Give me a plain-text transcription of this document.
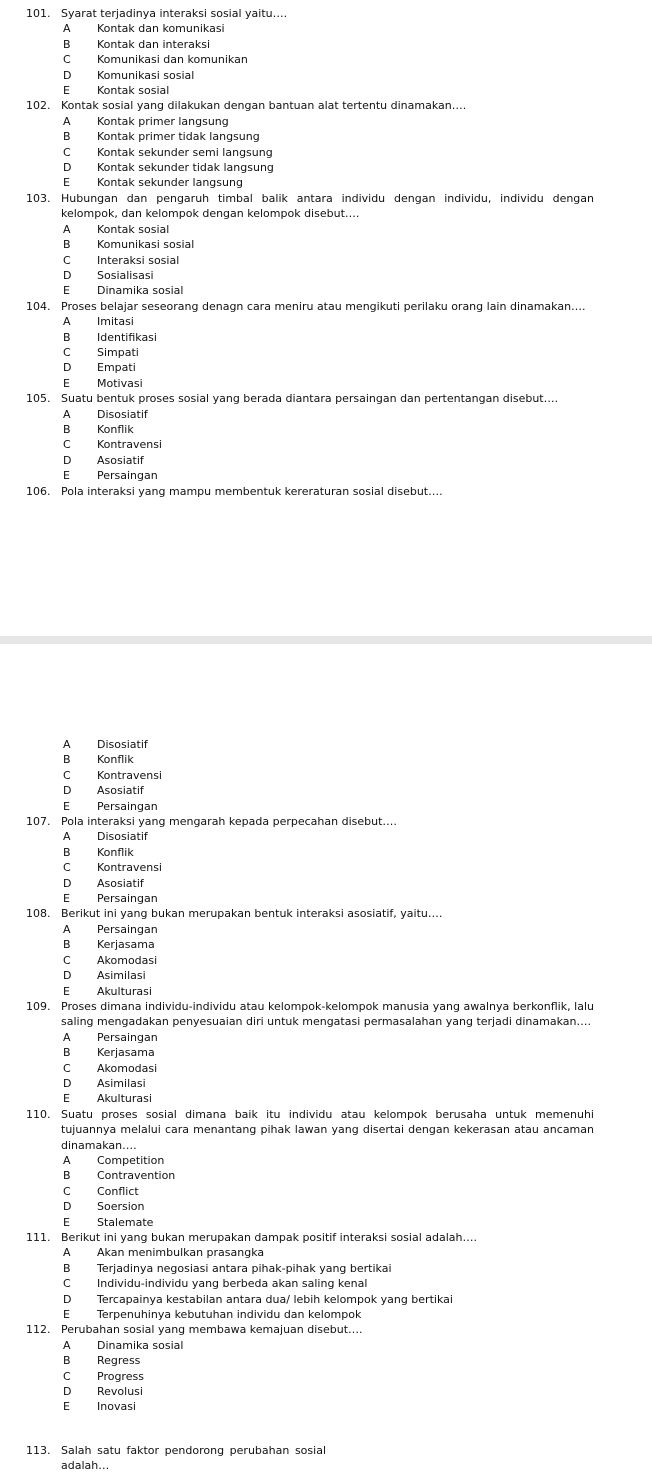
101. Syarat terjadinya interaksi sosial yaitu….
A	Kontak dan komunikasi
B	Kontak dan interaksi
C	Komunikasi dan komunikan
D	Komunikasi sosial
E	Kontak sosial
102. Kontak sosial yang dilakukan dengan bantuan alat tertentu dinamakan….
A	Kontak primer langsung
B	Kontak primer tidak langsung
C	Kontak sekunder semi langsung
D	Kontak sekunder tidak langsung
E	Kontak sekunder langsung
103. Hubungan dan pengaruh timbal balik antara individu dengan individu, individu dengan kelompok, dan kelompok dengan kelompok disebut….
A	Kontak sosial
B	Komunikasi sosial
C	Interaksi sosial
D	Sosialisasi
E	Dinamika sosial
104. Proses belajar seseorang denagn cara meniru atau mengikuti perilaku orang lain dinamakan….
A	Imitasi
B	Identifikasi
C	Simpati
D	Empati
E	Motivasi
105. Suatu bentuk proses sosial yang berada diantara persaingan dan pertentangan disebut….
A	Disosiatif
B	Konflik
C	Kontravensi
D	Asosiatif
E	Persaingan
106. Pola interaksi yang mampu membentuk kereraturan sosial disebut….
A	Disosiatif
B	Konflik
C	Kontravensi
D	Asosiatif
E	Persaingan
107. Pola interaksi yang mengarah kepada perpecahan disebut….
A	Disosiatif
B	Konflik
C	Kontravensi
D	Asosiatif
E	Persaingan
108. Berikut ini yang bukan merupakan bentuk interaksi asosiatif, yaitu….
A	Persaingan
B	Kerjasama
C	Akomodasi
D	Asimilasi
E	Akulturasi
109. Proses dimana individu-individu atau kelompok-kelompok manusia yang awalnya berkonflik, lalu saling mengadakan penyesuaian diri untuk mengatasi permasalahan yang terjadi dinamakan….
A	Persaingan
B	Kerjasama
C	Akomodasi
D	Asimilasi
E	Akulturasi
110. Suatu proses sosial dimana baik itu individu atau kelompok berusaha untuk memenuhi tujuannya melalui cara menantang pihak lawan yang disertai dengan kekerasan atau ancaman dinamakan….
A	Competition
B	Contravention
C	Conflict
D	Soersion
E	Stalemate
111. Berikut ini yang bukan merupakan dampak positif interaksi sosial adalah….
A	Akan menimbulkan prasangka
B	Terjadinya negosiasi antara pihak-pihak yang bertikai
C	Individu-individu yang berbeda akan saling kenal
D	Tercapainya kestabilan antara dua/ lebih kelompok yang bertikai
E	Terpenuhinya kebutuhan individu dan kelompok
112. Perubahan sosial yang membawa kemajuan disebut….
A	Dinamika sosial
B	Regress
C	Progress
D	Revolusi
E	Inovasi
113. Salah satu faktor pendorong perubahan sosial adalah…
